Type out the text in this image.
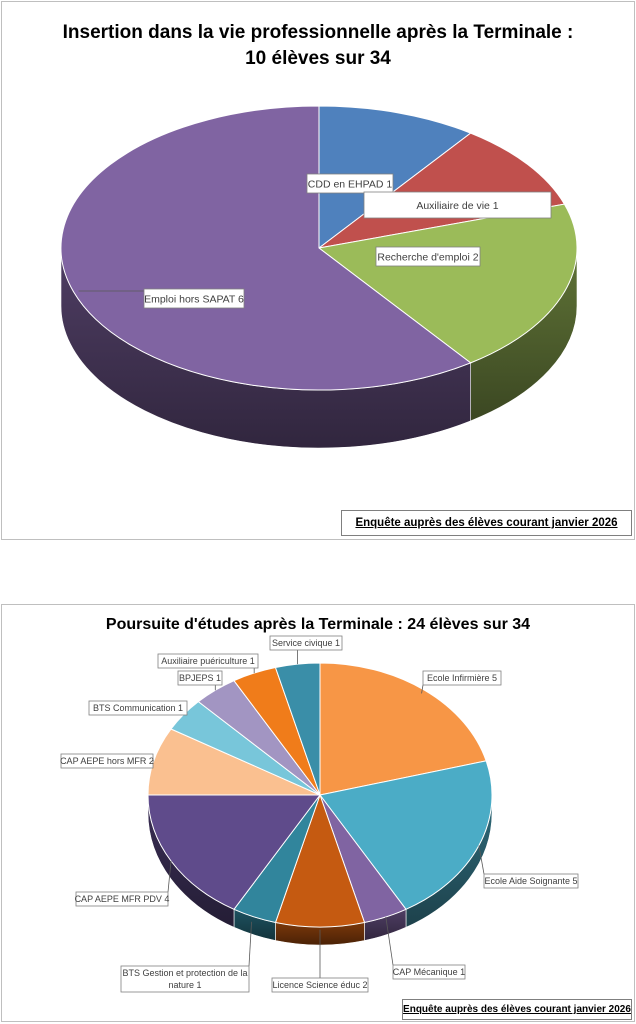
Insertion dans la vie professionnelle après la Terminale :
10 élèves sur 34
CDD en EHPAD 1
Auxiliaire de vie 1
Recherche d'emploi 2
Emploi hors SAPAT 6
Enquête auprès des élèves courant janvier 2026
Poursuite d'études après la Terminale : 24 élèves sur 34
Ecole Infirmière 5
Ecole Aide Soignante 5
CAP Mécanique 1
Licence Science éduc 2
BTS Gestion et protection de la
nature 1
CAP AEPE MFR PDV 4
CAP AEPE hors MFR 2
BTS Communication 1
BPJEPS 1
Auxiliaire puériculture 1
Service civique 1
Enquête auprès des élèves courant janvier 2026
